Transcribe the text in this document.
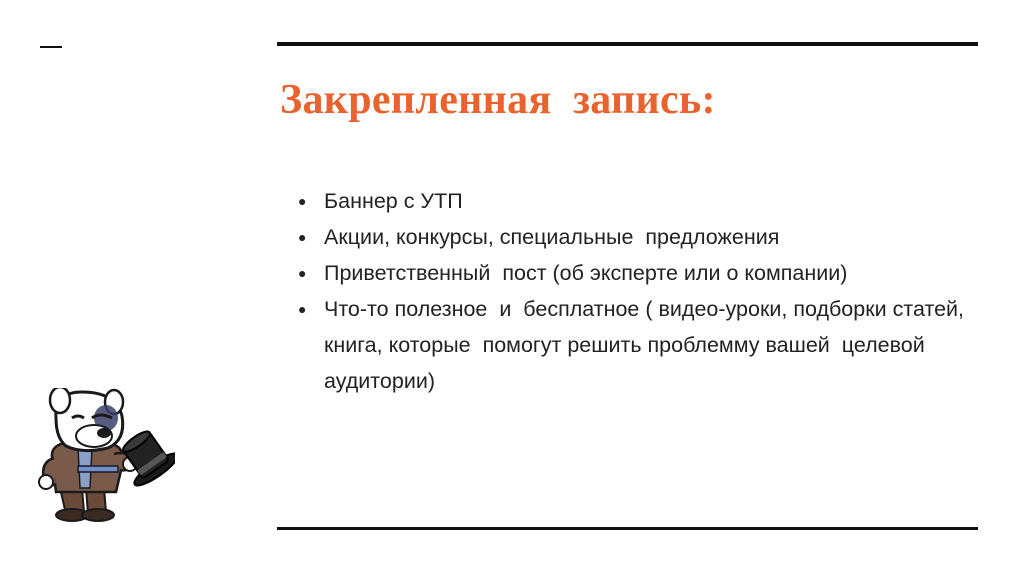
Закрепленная  запись:
● Баннер с УТП
● Акции, конкурсы, специальные  предложения
● Приветственный  пост (об эксперте или о компании)
● Что-то полезное  и  бесплатное ( видео-уроки, подборки статей, книга, которые  помогут решить проблемму вашей  целевой  аудитории)
